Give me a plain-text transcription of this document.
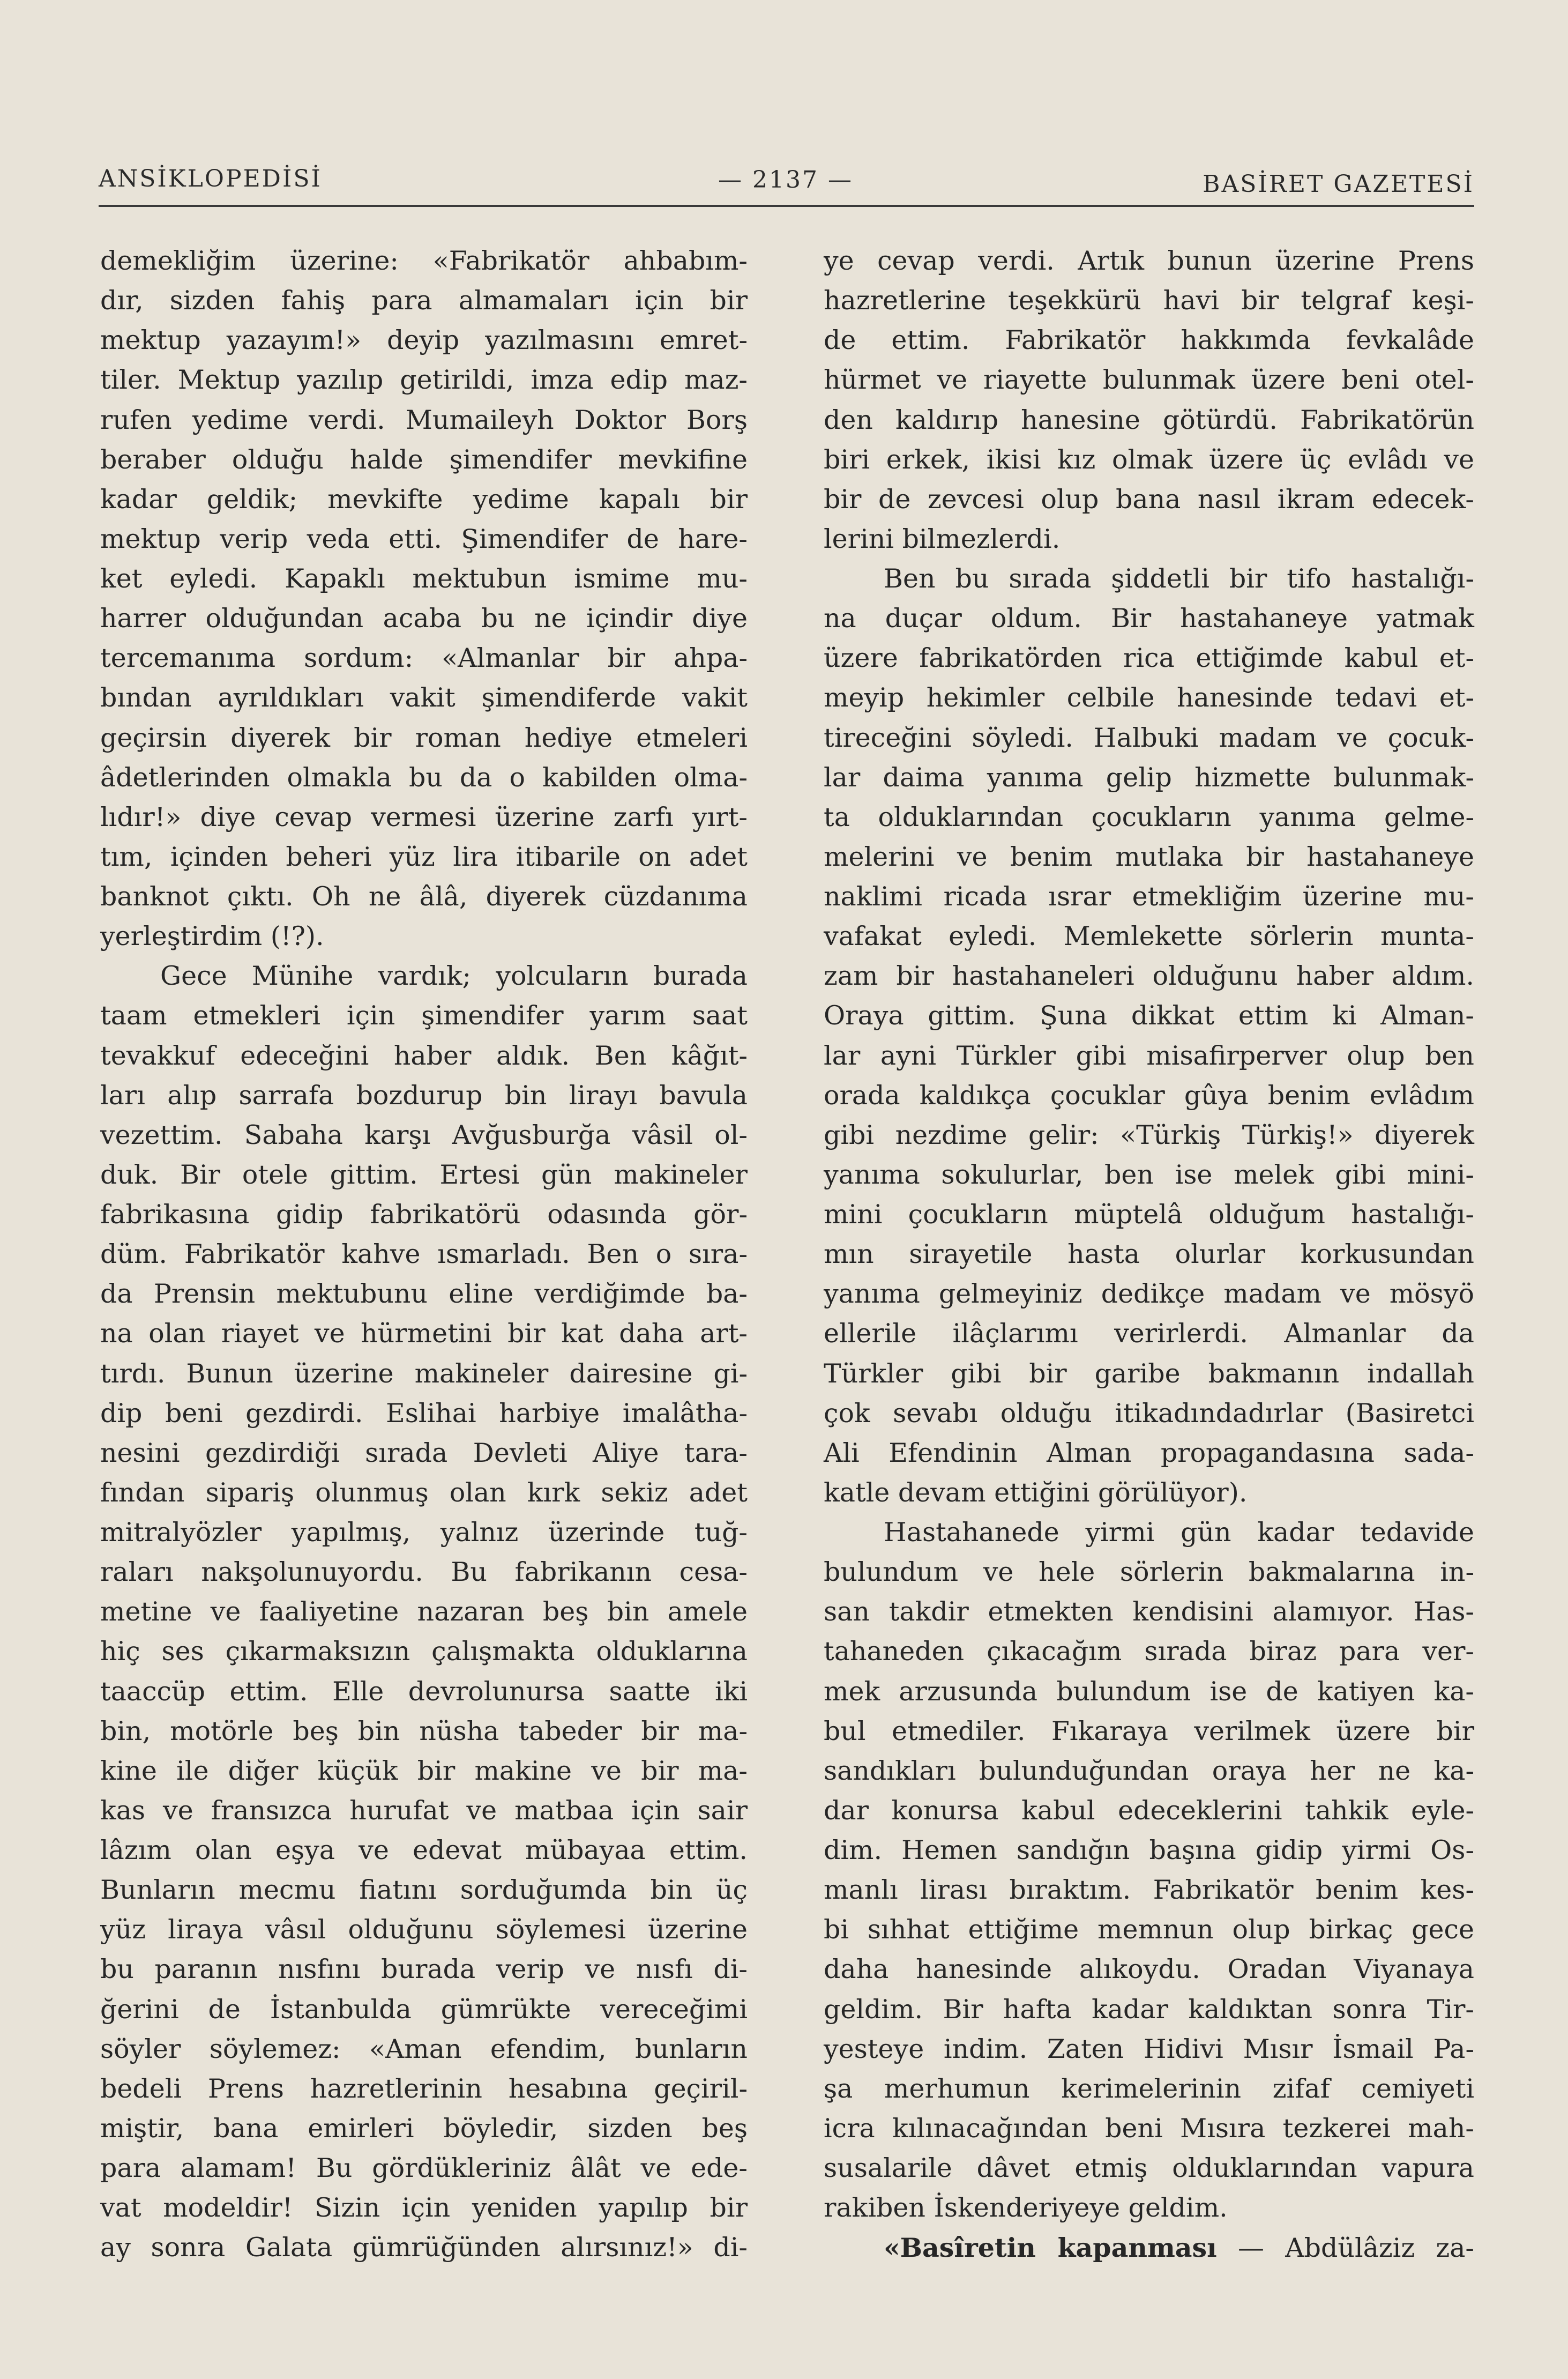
ANSİKLOPEDİSİ	— 2137 —	BASİRET GAZETESİ
demekliğim üzerine: «Fabrikatör ahbabım-
dır, sizden fahiş para almamaları için bir
mektup yazayım!» deyip yazılmasını emret-
tiler. Mektup yazılıp getirildi, imza edip maz-
rufen yedime verdi. Mumaileyh Doktor Borş
beraber olduğu halde şimendifer mevkifine
kadar geldik; mevkifte yedime kapalı bir
mektup verip veda etti. Şimendifer de hare-
ket eyledi. Kapaklı mektubun ismime mu-
harrer olduğundan acaba bu ne içindir diye
tercemanıma sordum: «Almanlar bir ahpa-
bından ayrıldıkları vakit şimendiferde vakit
geçirsin diyerek bir roman hediye etmeleri
âdetlerinden olmakla bu da o kabilden olma-
lıdır!» diye cevap vermesi üzerine zarfı yırt-
tım, içinden beheri yüz lira itibarile on adet
banknot çıktı. Oh ne âlâ, diyerek cüzdanıma
yerleştirdim (!?).
Gece Münihe vardık; yolcuların burada
taam etmekleri için şimendifer yarım saat
tevakkuf edeceğini haber aldık. Ben kâğıt-
ları alıp sarrafa bozdurup bin lirayı bavula
vezettim. Sabaha karşı Avğusburğa vâsil ol-
duk. Bir otele gittim. Ertesi gün makineler
fabrikasına gidip fabrikatörü odasında gör-
düm. Fabrikatör kahve ısmarladı. Ben o sıra-
da Prensin mektubunu eline verdiğimde ba-
na olan riayet ve hürmetini bir kat daha art-
tırdı. Bunun üzerine makineler dairesine gi-
dip beni gezdirdi. Eslihai harbiye imalâtha-
nesini gezdirdiği sırada Devleti Aliye tara-
fından sipariş olunmuş olan kırk sekiz adet
mitralyözler yapılmış, yalnız üzerinde tuğ-
raları nakşolunuyordu. Bu fabrikanın cesa-
metine ve faaliyetine nazaran beş bin amele
hiç ses çıkarmaksızın çalışmakta olduklarına
taaccüp ettim. Elle devrolunursa saatte iki
bin, motörle beş bin nüsha tabeder bir ma-
kine ile diğer küçük bir makine ve bir ma-
kas ve fransızca hurufat ve matbaa için sair
lâzım olan eşya ve edevat mübayaa ettim.
Bunların mecmu fiatını sorduğumda bin üç
yüz liraya vâsıl olduğunu söylemesi üzerine
bu paranın nısfını burada verip ve nısfı di-
ğerini de İstanbulda gümrükte vereceğimi
söyler söylemez: «Aman efendim, bunların
bedeli Prens hazretlerinin hesabına geçiril-
miştir, bana emirleri böyledir, sizden beş
para alamam! Bu gördükleriniz âlât ve ede-
vat modeldir! Sizin için yeniden yapılıp bir
ay sonra Galata gümrüğünden alırsınız!» di-
ye cevap verdi. Artık bunun üzerine Prens
hazretlerine teşekkürü havi bir telgraf keşi-
de ettim. Fabrikatör hakkımda fevkalâde
hürmet ve riayette bulunmak üzere beni otel-
den kaldırıp hanesine götürdü. Fabrikatörün
biri erkek, ikisi kız olmak üzere üç evlâdı ve
bir de zevcesi olup bana nasıl ikram edecek-
lerini bilmezlerdi.
Ben bu sırada şiddetli bir tifo hastalığı-
na duçar oldum. Bir hastahaneye yatmak
üzere fabrikatörden rica ettiğimde kabul et-
meyip hekimler celbile hanesinde tedavi et-
tireceğini söyledi. Halbuki madam ve çocuk-
lar daima yanıma gelip hizmette bulunmak-
ta olduklarından çocukların yanıma gelme-
melerini ve benim mutlaka bir hastahaneye
naklimi ricada ısrar etmekliğim üzerine mu-
vafakat eyledi. Memlekette sörlerin munta-
zam bir hastahaneleri olduğunu haber aldım.
Oraya gittim. Şuna dikkat ettim ki Alman-
lar ayni Türkler gibi misafirperver olup ben
orada kaldıkça çocuklar gûya benim evlâdım
gibi nezdime gelir: «Türkiş Türkiş!» diyerek
yanıma sokulurlar, ben ise melek gibi mini-
mini çocukların müptelâ olduğum hastalığı-
mın sirayetile hasta olurlar korkusundan
yanıma gelmeyiniz dedikçe madam ve mösyö
ellerile ilâçlarımı verirlerdi. Almanlar da
Türkler gibi bir garibe bakmanın indallah
çok sevabı olduğu itikadındadırlar (Basiretci
Ali Efendinin Alman propagandasına sada-
katle devam ettiğini görülüyor).
Hastahanede yirmi gün kadar tedavide
bulundum ve hele sörlerin bakmalarına in-
san takdir etmekten kendisini alamıyor. Has-
tahaneden çıkacağım sırada biraz para ver-
mek arzusunda bulundum ise de katiyen ka-
bul etmediler. Fıkaraya verilmek üzere bir
sandıkları bulunduğundan oraya her ne ka-
dar konursa kabul edeceklerini tahkik eyle-
dim. Hemen sandığın başına gidip yirmi Os-
manlı lirası bıraktım. Fabrikatör benim kes-
bi sıhhat ettiğime memnun olup birkaç gece
daha hanesinde alıkoydu. Oradan Viyanaya
geldim. Bir hafta kadar kaldıktan sonra Tir-
yesteye indim. Zaten Hidivi Mısır İsmail Pa-
şa merhumun kerimelerinin zifaf cemiyeti
icra kılınacağından beni Mısıra tezkerei mah-
susalarile dâvet etmiş olduklarından vapura
rakiben İskenderiyeye geldim.
«Basîretin kapanması — Abdülâziz za-
